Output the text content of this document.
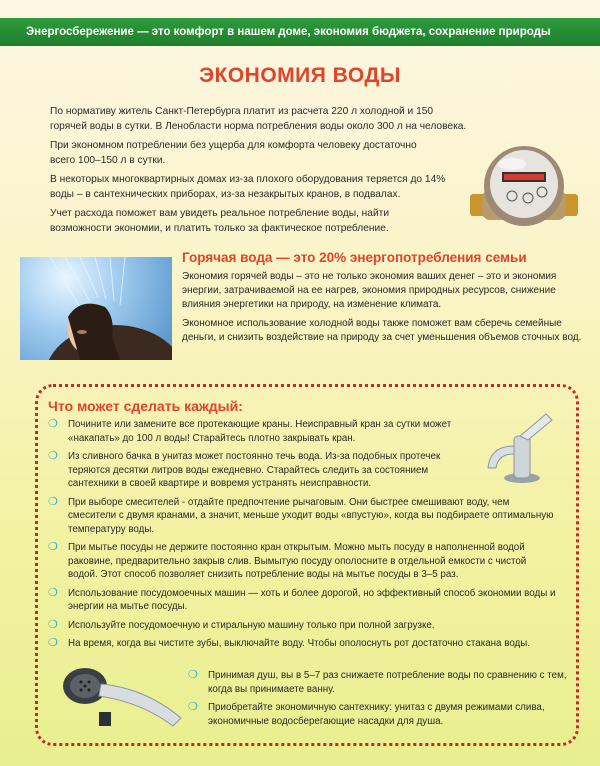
Энергосбережение — это комфорт в нашем доме, экономия бюджета, сохранение природы
ЭКОНОМИЯ ВОДЫ

По нормативу житель Санкт-Петербурга платит из расчета 220 л холодной и 150 горячей воды в сутки. В Ленобласти норма потребления воды около 300 л на человека.

При экономном потреблении без ущерба для комфорта человеку достаточно всего 100–150 л в сутки.

В некоторых многоквартирных домах из-за плохого оборудования теряется до 14% воды – в сантехнических приборах, из-за незакрытых кранов, в подвалах.

Учет расхода поможет вам увидеть реальное потребление воды, найти возможности экономии, и платить только за фактическое потребление.

Горячая вода — это 20% энергопотребления семьи

Экономия горячей воды – это не только экономия ваших денег – это и экономия энергии, затрачиваемой на ее нагрев, экономия природных ресурсов, снижение влияния энергетики на природу, на изменение климата.

Экономное использование холодной воды также поможет вам сберечь семейные деньги, и снизить воздействие на природу за счет уменьшения объемов сточных вод.

Что может сделать каждый:
❍ Почините или замените все протекающие краны. Неисправный кран за сутки может «накапать» до 100 л воды! Старайтесь плотно закрывать кран.
❍ Из сливного бачка в унитаз может постоянно течь вода. Из-за подобных протечек теряются десятки литров воды ежедневно. Старайтесь следить за состоянием сантехники в своей квартире и вовремя устранять неисправности.
❍ При выборе смесителей - отдайте предпочтение рычаговым. Они быстрее смешивают воду, чем смесители с двумя кранами, а значит, меньше уходит воды «впустую», когда вы подбираете оптимальную температуру воды.
❍ При мытье посуды не держите постоянно кран открытым. Можно мыть посуду в наполненной водой раковине, предварительно закрыв слив. Вымытую посуду ополосните в отдельной емкости с чистой водой. Этот способ позволяет снизить потребление воды на мытье посуды в 3–5 раз.
❍ Использование посудомоечных машин — хоть и более дорогой, но эффективный способ экономии воды и энергии на мытье посуды.
❍ Используйте посудомоечную и стиральную машину только при полной загрузке.
❍ На время, когда вы чистите зубы, выключайте воду. Чтобы ополоснуть рот достаточно стакана воды.
❍ Принимая душ, вы в 5–7 раз снижаете потребление воды по сравнению с тем, когда вы принимаете ванну.
❍ Приобретайте экономичную сантехнику: унитаз с двумя режимами слива, экономичные водосберегающие насадки для душа.
